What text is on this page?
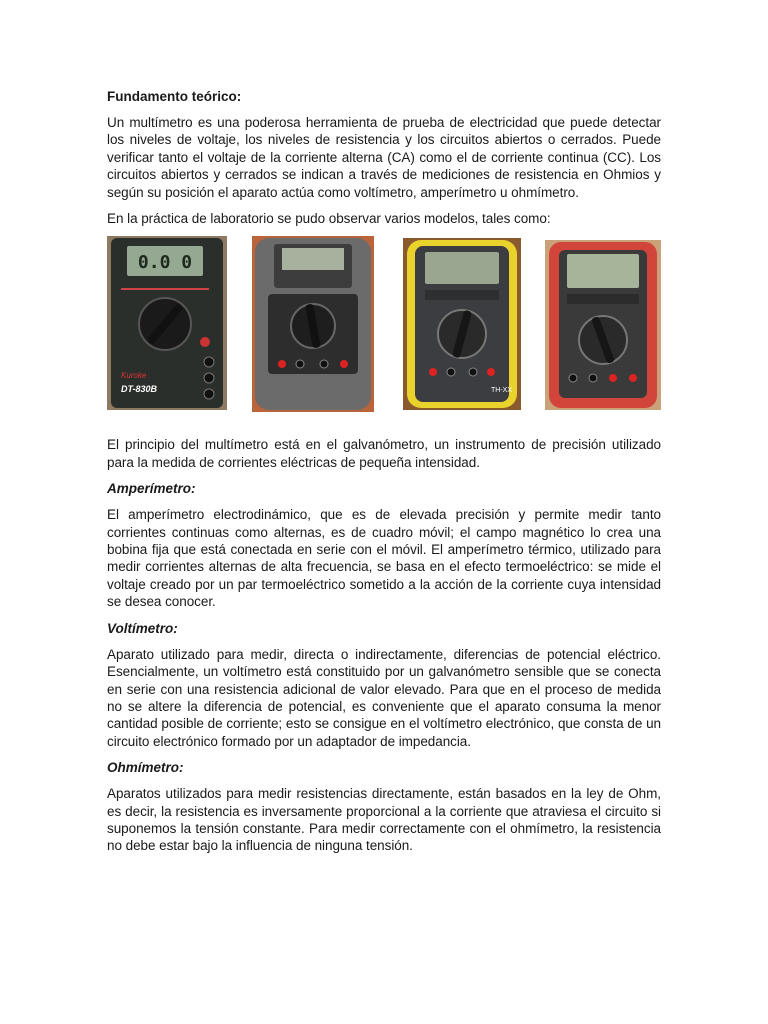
Fundamento teórico:

Un multímetro es una poderosa herramienta de prueba de electricidad que puede detectar los niveles de voltaje, los niveles de resistencia y los circuitos abiertos o cerrados. Puede verificar tanto el voltaje de la corriente alterna (CA) como el de corriente continua (CC). Los circuitos abiertos y cerrados se indican a través de mediciones de resistencia en Ohmios y según su posición el aparato actúa como voltímetro, amperímetro u ohmímetro.

En la práctica de laboratorio se pudo observar varios modelos, tales como:

0.0 0
Kuroke
DT-830B	TH-XX

El principio del multímetro está en el galvanómetro, un instrumento de precisión utilizado para la medida de corrientes eléctricas de pequeña intensidad.

Amperímetro:

El amperímetro electrodinámico, que es de elevada precisión y permite medir tanto corrientes continuas como alternas, es de cuadro móvil; el campo magnético lo crea una bobina fija que está conectada en serie con el móvil. El amperímetro térmico, utilizado para medir corrientes alternas de alta frecuencia, se basa en el efecto termoeléctrico: se mide el voltaje creado por un par termoeléctrico sometido a la acción de la corriente cuya intensidad se desea conocer.

Voltímetro:

Aparato utilizado para medir, directa o indirectamente, diferencias de potencial eléctrico. Esencialmente, un voltímetro está constituido por un galvanómetro sensible que se conecta en serie con una resistencia adicional de valor elevado. Para que en el proceso de medida no se altere la diferencia de potencial, es conveniente que el aparato consuma la menor cantidad posible de corriente; esto se consigue en el voltímetro electrónico, que consta de un circuito electrónico formado por un adaptador de impedancia.

Ohmímetro:

Aparatos utilizados para medir resistencias directamente, están basados en la ley de Ohm, es decir, la resistencia es inversamente proporcional a la corriente que atraviesa el circuito si suponemos la tensión constante. Para medir correctamente con el ohmímetro, la resistencia no debe estar bajo la influencia de ninguna tensión.
